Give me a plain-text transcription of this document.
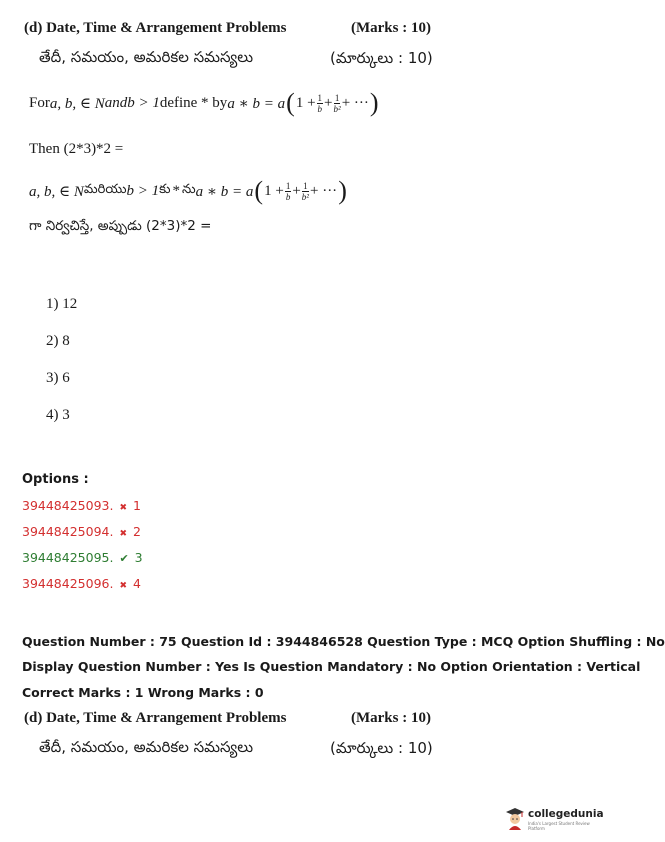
(d) Date, Time & Arrangement Problems	(Marks : 10)
తేదీ, సమయం, అమరికల సమస్యలు	(మార్కులు : 10)
For a, b, ∈ N and b > 1 define * by a ∗ b = a ( $1 + \frac{1}{b} + \frac{1}{\text{b²}}$ + ··· )
Then (2*3)*2 =
a, b, ∈ N మరియు b > 1 కు * ను a ∗ b = a ( $1 + \frac{1}{b} + \frac{1}{\text{b²}}$ + ··· )
గా నిర్వచిస్తే, అప్పుడు (2*3)*2 =
1) 12
2) 8
3) 6
4) 3
Options :
39448425093. ✖ 1
39448425094. ✖ 2
39448425095. ✔ 3
39448425096. ✖ 4
Question Number : 75 Question Id : 3944846528 Question Type : MCQ Option Shuffling : No
Display Question Number : Yes Is Question Mandatory : No Option Orientation : Vertical
Correct Marks : 1 Wrong Marks : 0
(d) Date, Time & Arrangement Problems	(Marks : 10)
తేదీ, సమయం, అమరికల సమస్యలు	(మార్కులు : 10)
collegedunia
India's Largest Student Review Platform
